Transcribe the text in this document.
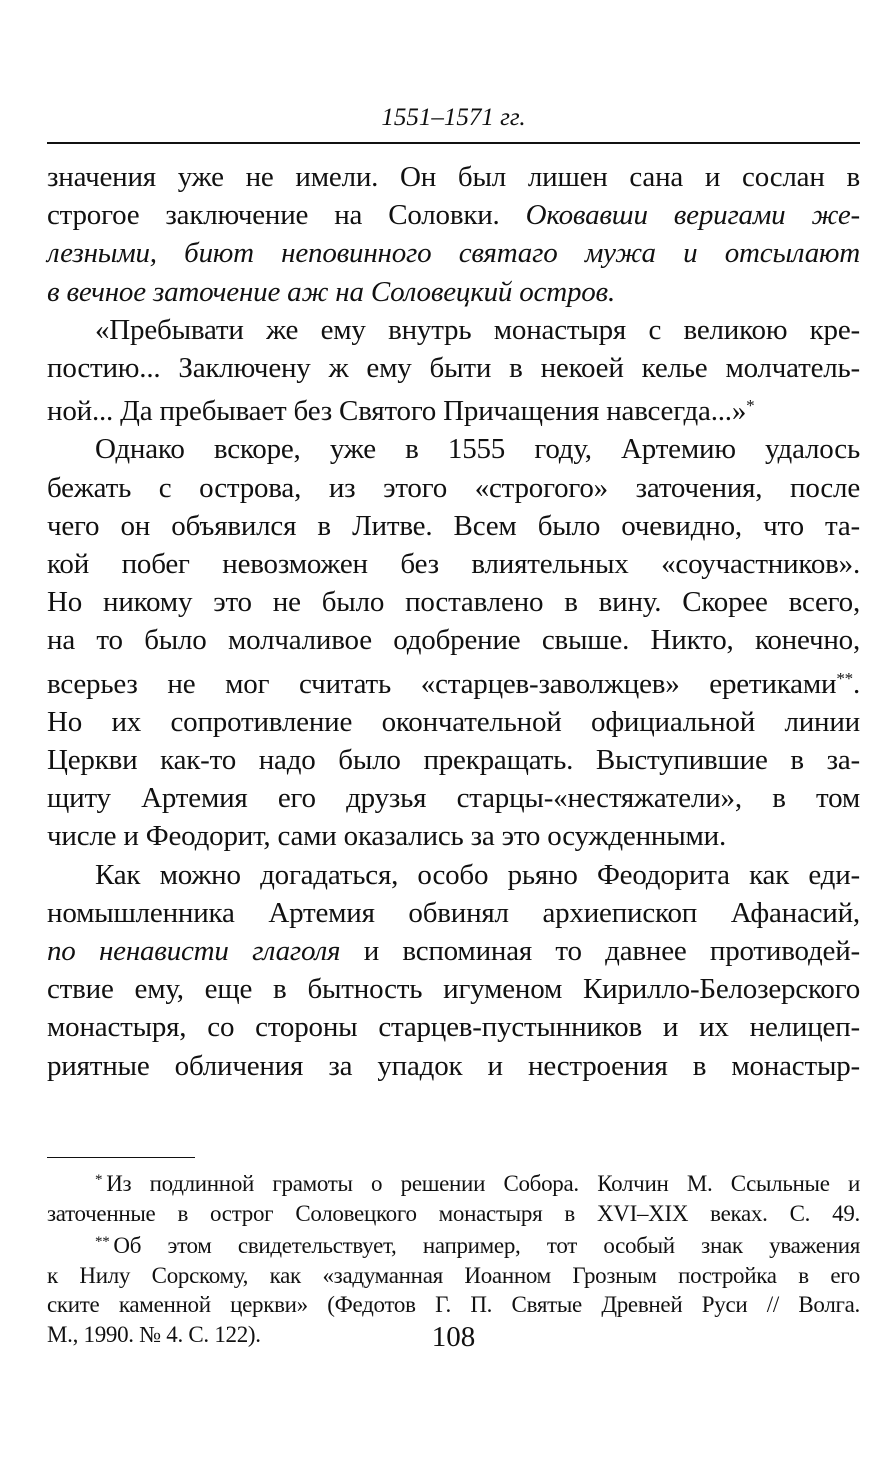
1551–1571 гг.

значения уже не имели. Он был лишен сана и сослан в
строгое заключение на Соловки. Оковавши веригами же-
лезными, биют неповинного святаго мужа и отсылают
в вечное заточение аж на Соловецкий остров.

«Пребывати же ему внутрь монастыря с великою кре-
постию... Заключену ж ему быти в некоей келье молчатель-
ной... Да пребывает без Святого Причащения навсегда...»*

Однако вскоре, уже в 1555 году, Артемию удалось
бежать с острова, из этого «строгого» заточения, после
чего он объявился в Литве. Всем было очевидно, что та-
кой побег невозможен без влиятельных «соучастников».
Но никому это не было поставлено в вину. Скорее всего,
на то было молчаливое одобрение свыше. Никто, конечно,
всерьез не мог считать «старцев-заволжцев» еретиками**.
Но их сопротивление окончательной официальной линии
Церкви как-то надо было прекращать. Выступившие в за-
щиту Артемия его друзья старцы-«нестяжатели», в том
числе и Феодорит, сами оказались за это осужденными.

Как можно догадаться, особо рьяно Феодорита как еди-
номышленника Артемия обвинял архиепископ Афанасий,
по ненависти глаголя и вспоминая то давнее противодей-
ствие ему, еще в бытность игуменом Кирилло-Белозерского
монастыря, со стороны старцев-пустынников и их нелицеп-
риятные обличения за упадок и нестроения в монастыр-

* Из подлинной грамоты о решении Собора. Колчин М. Ссыльные и
заточенные в острог Соловецкого монастыря в XVI–XIX веках. С. 49.
** Об этом свидетельствует, например, тот особый знак уважения
к Нилу Сорскому, как «задуманная Иоанном Грозным постройка в его
ските каменной церкви» (Федотов Г. П. Святые Древней Руси // Волга.
М., 1990. № 4. С. 122).	108
